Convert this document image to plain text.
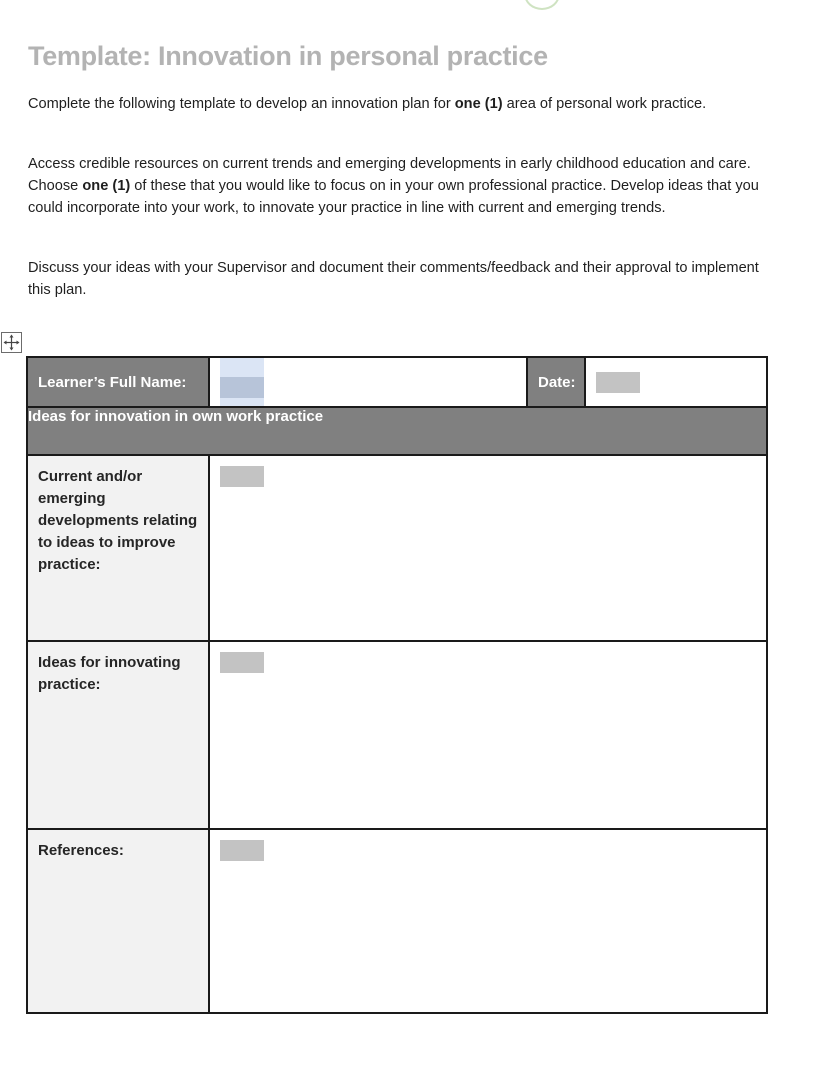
Template: Innovation in personal practice

Complete the following template to develop an innovation plan for one (1) area of personal work practice.

Access credible resources on current trends and emerging developments in early childhood education and care. Choose one (1) of these that you would like to focus on in your own professional practice. Develop ideas that you could incorporate into your work, to innovate your practice in line with current and emerging trends.

Discuss your ideas with your Supervisor and document their comments/feedback and their approval to implement this plan.

Learner’s Full Name:		Date:	

Ideas for innovation in own work practice			
Current and/or emerging developments relating to ideas to improve practice:			

Ideas for innovating practice:			

References:			
